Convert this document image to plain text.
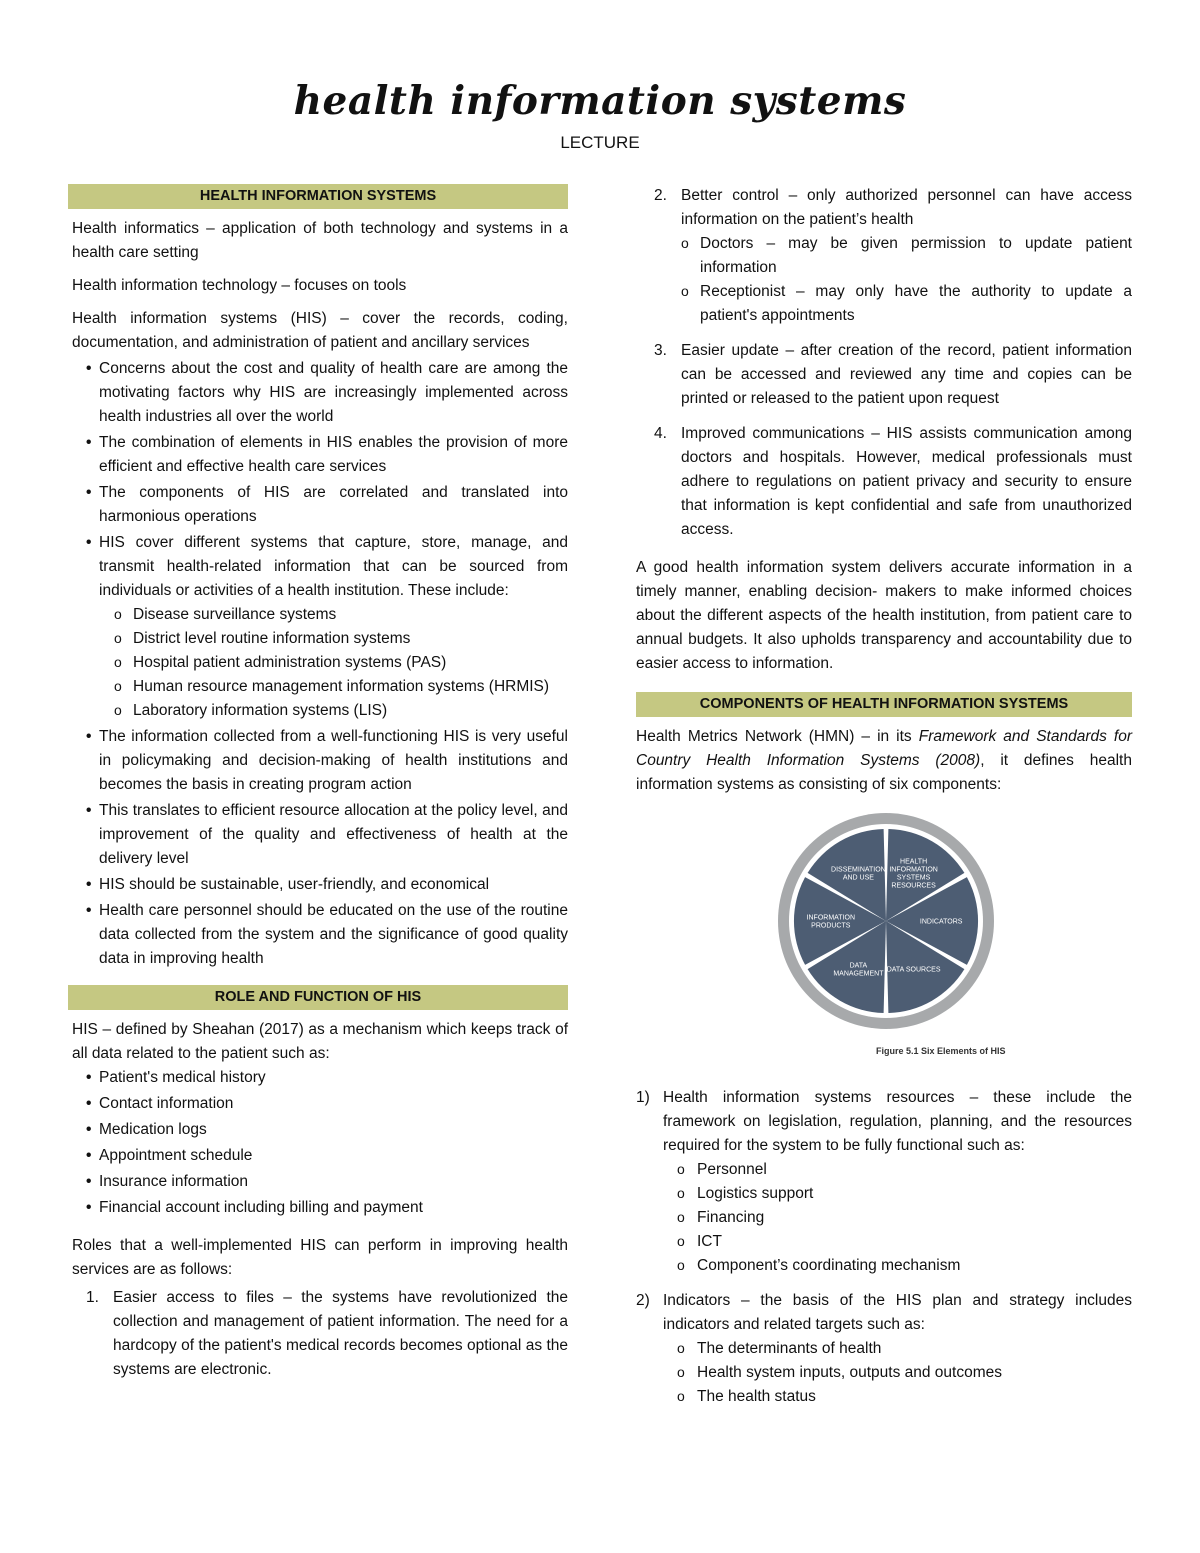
health information systems
LECTURE
HEALTH INFORMATION SYSTEMS

Health informatics – application of both technology and systems in a health care setting

Health information technology – focuses on tools

Health information systems (HIS) – cover the records, coding, documentation, and administration of patient and ancillary services

• Concerns about the cost and quality of health care are among the motivating factors why HIS are increasingly implemented across health industries all over the world
• The combination of elements in HIS enables the provision of more efficient and effective health care services
• The components of HIS are correlated and translated into harmonious operations
• HIS cover different systems that capture, store, manage, and transmit health-related information that can be sourced from individuals or activities of a health institution. These include:
o Disease surveillance systems
o District level routine information systems
o Hospital patient administration systems (PAS)
o Human resource management information systems (HRMIS)
o Laboratory information systems (LIS)
• The information collected from a well-functioning HIS is very useful in policymaking and decision-making of health institutions and becomes the basis in creating program action
• This translates to efficient resource allocation at the policy level, and improvement of the quality and effectiveness of health at the delivery level
• HIS should be sustainable, user-friendly, and economical
• Health care personnel should be educated on the use of the routine data collected from the system and the significance of good quality data in improving health
ROLE AND FUNCTION OF HIS

HIS – defined by Sheahan (2017) as a mechanism which keeps track of all data related to the patient such as:

• Patient's medical history
• Contact information
• Medication logs
• Appointment schedule
• Insurance information
• Financial account including billing and payment

Roles that a well-implemented HIS can perform in improving health services are as follows:

1. Easier access to files – the systems have revolutionized the collection and management of patient information. The need for a hardcopy of the patient's medical records becomes optional as the systems are electronic.
2. Better control – only authorized personnel can have access information on the patient’s health
o Doctors – may be given permission to update patient information
o Receptionist – may only have the authority to update a patient's appointments
3. Easier update – after creation of the record, patient information can be accessed and reviewed any time and copies can be printed or released to the patient upon request
4. Improved communications – HIS assists communication among doctors and hospitals. However, medical professionals must adhere to regulations on patient privacy and security to ensure that information is kept confidential and safe from unauthorized access.

A good health information system delivers accurate information in a timely manner, enabling decision- makers to make informed choices about the different aspects of the health institution, from patient care to annual budgets. It also upholds transparency and accountability due to easier access to information.

COMPONENTS OF HEALTH INFORMATION SYSTEMS

Health Metrics Network (HMN) – in its Framework and Standards for Country Health Information Systems (2008), it defines health information systems as consisting of six components:

HEALTH INFORMATION SYSTEMS RESOURCES
INDICATORS
DATA SOURCES
DATA MANAGEMENT
INFORMATION PRODUCTS
DISSEMINATION AND USE
Figure 5.1 Six Elements of HIS
1) Health information systems resources – these include the framework on legislation, regulation, planning, and the resources required for the system to be fully functional such as:
o Personnel
o Logistics support
o Financing
o ICT
o Component’s coordinating mechanism
2) Indicators – the basis of the HIS plan and strategy includes indicators and related targets such as:
o The determinants of health
o Health system inputs, outputs and outcomes
o The health status
